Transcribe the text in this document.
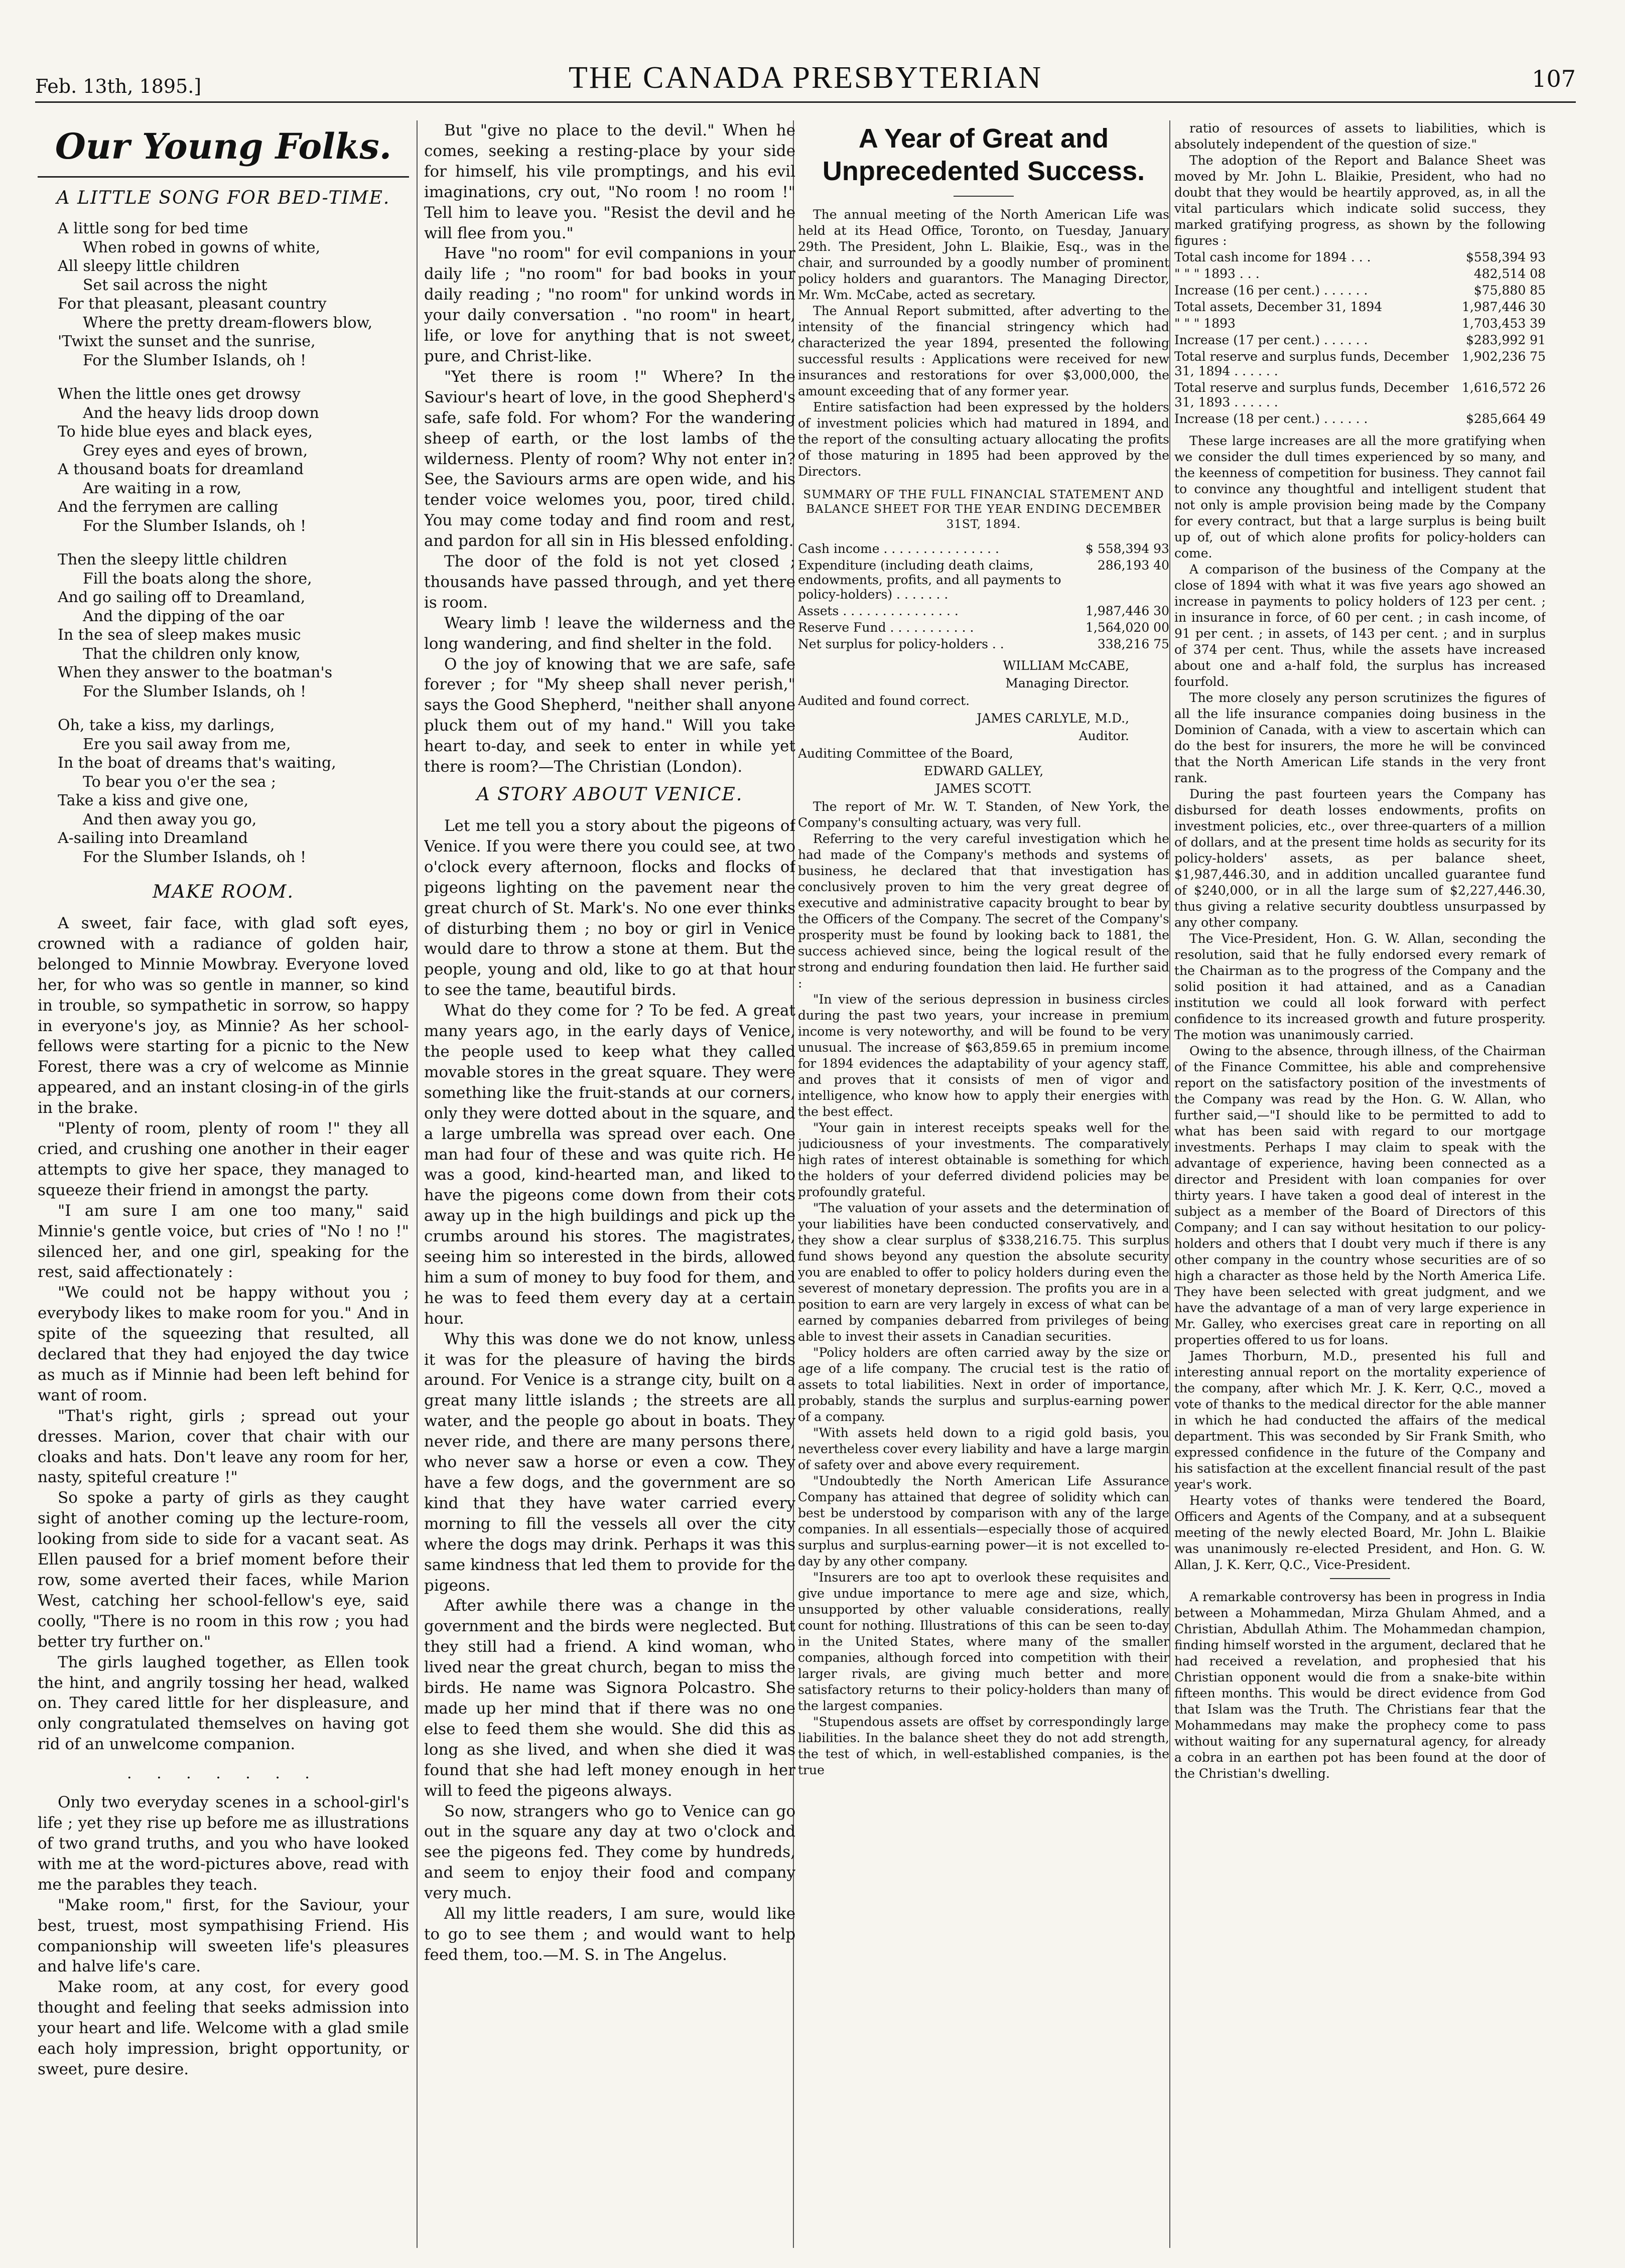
Feb. 13th, 1895.]	THE CANADA PRESBYTERIAN	107
Our Young Folks.
A LITTLE SONG FOR BED-TIME.

A little song for bed time

When robed in gowns of white,

All sleepy little children

Set sail across the night

For that pleasant, pleasant country

Where the pretty dream-flowers blow,

'Twixt the sunset and the sunrise,

For the Slumber Islands, oh !

When the little ones get drowsy

And the heavy lids droop down

To hide blue eyes and black eyes,

Grey eyes and eyes of brown,

A thousand boats for dreamland

Are waiting in a row,

And the ferrymen are calling

For the Slumber Islands, oh !

Then the sleepy little children

Fill the boats along the shore,

And go sailing off to Dreamland,

And the dipping of the oar

In the sea of sleep makes music

That the children only know,

When they answer to the boatman's

For the Slumber Islands, oh !

Oh, take a kiss, my darlings,

Ere you sail away from me,

In the boat of dreams that's waiting,

To bear you o'er the sea ;

Take a kiss and give one,

And then away you go,

A-sailing into Dreamland

For the Slumber Islands, oh !

MAKE ROOM.

A sweet, fair face, with glad soft eyes, crowned with a radiance of golden hair, belonged to Minnie Mowbray. Everyone loved her, for who was so gentle in manner, so kind in trouble, so sympathetic in sorrow, so happy in everyone's joy, as Minnie? As her school-fellows were starting for a picnic to the New Forest, there was a cry of welcome as Minnie appeared, and an instant closing-in of the girls in the brake.

"Plenty of room, plenty of room !" they all cried, and crushing one another in their eager attempts to give her space, they managed to squeeze their friend in amongst the party.

"I am sure I am one too many," said Minnie's gentle voice, but cries of "No ! no !" silenced her, and one girl, speaking for the rest, said affectionately :

"We could not be happy without you ; everybody likes to make room for you." And in spite of the squeezing that resulted, all declared that they had enjoyed the day twice as much as if Minnie had been left behind for want of room.

"That's right, girls ; spread out your dresses. Marion, cover that chair with our cloaks and hats. Don't leave any room for her, nasty, spiteful creature !"

So spoke a party of girls as they caught sight of another coming up the lecture-room, looking from side to side for a vacant seat. As Ellen paused for a brief moment before their row, some averted their faces, while Marion West, catching her school-fellow's eye, said coolly, "There is no room in this row ; you had better try further on."

The girls laughed together, as Ellen took the hint, and angrily tossing her head, walked on. They cared little for her displeasure, and only congratulated themselves on having got rid of an unwelcome companion.

. . . . . . .

Only two everyday scenes in a school-girl's life ; yet they rise up before me as illustrations of two grand truths, and you who have looked with me at the word-pictures above, read with me the parables they teach.

"Make room," first, for the Saviour, your best, truest, most sympathising Friend. His companionship will sweeten life's pleasures and halve life's care.

Make room, at any cost, for every good thought and feeling that seeks admission into your heart and life. Welcome with a glad smile each holy impression, bright opportunity, or sweet, pure desire.

But "give no place to the devil." When he comes, seeking a resting-place by your side for himself, his vile promptings, and his evil imaginations, cry out, "No room ! no room !" Tell him to leave you. "Resist the devil and he will flee from you."

Have "no room" for evil companions in your daily life ; "no room" for bad books in your daily reading ; "no room" for unkind words in your daily conversation . "no room" in heart, life, or love for anything that is not sweet, pure, and Christ-like.

"Yet there is room !" Where? In the Saviour's heart of love, in the good Shepherd's safe, safe fold. For whom? For the wandering sheep of earth, or the lost lambs of the wilderness. Plenty of room? Why not enter in? See, the Saviours arms are open wide, and his tender voice welomes you, poor, tired child. You may come today and find room and rest, and pardon for all sin in His blessed enfolding.

The door of the fold is not yet closed ; thousands have passed through, and yet there is room.

Weary limb ! leave the wilderness and the long wandering, and find shelter in the fold.

O the joy of knowing that we are safe, safe forever ; for "My sheep shall never perish," says the Good Shepherd, "neither shall anyone pluck them out of my hand." Will you take heart to-day, and seek to enter in while yet there is room?—The Christian (London).

A STORY ABOUT VENICE.

Let me tell you a story about the pigeons of Venice. If you were there you could see, at two o'clock every afternoon, flocks and flocks of pigeons lighting on the pavement near the great church of St. Mark's. No one ever thinks of disturbing them ; no boy or girl in Venice would dare to throw a stone at them. But the people, young and old, like to go at that hour to see the tame, beautiful birds.

What do they come for ? To be fed. A great many years ago, in the early days of Venice, the people used to keep what they called movable stores in the great square. They were something like the fruit-stands at our corners, only they were dotted about in the square, and a large umbrella was spread over each. One man had four of these and was quite rich. He was a good, kind-hearted man, and liked to have the pigeons come down from their cots away up in the high buildings and pick up the crumbs around his stores. The magistrates, seeing him so interested in the birds, allowed him a sum of money to buy food for them, and he was to feed them every day at a certain hour.

Why this was done we do not know, unless it was for the pleasure of having the birds around. For Venice is a strange city, built on a great many little islands ; the streets are all water, and the people go about in boats. They never ride, and there are many persons there, who never saw a horse or even a cow. They have a few dogs, and the government are so kind that they have water carried every morning to fill the vessels all over the city where the dogs may drink. Perhaps it was this same kindness that led them to provide for the pigeons.

After awhile there was a change in the government and the birds were neglected. But they still had a friend. A kind woman, who lived near the great church, began to miss the birds. He name was Signora Polcastro. She made up her mind that if there was no one else to feed them she would. She did this as long as she lived, and when she died it was found that she had left money enough in her will to feed the pigeons always.

So now, strangers who go to Venice can go out in the square any day at two o'clock and see the pigeons fed. They come by hundreds, and seem to enjoy their food and company very much.

All my little readers, I am sure, would like to go to see them ; and would want to help feed them, too.—M. S. in The Angelus.

A Year of Great and Unprecedented Success.

The annual meeting of the North American Life was held at its Head Office, Toronto, on Tuesday, January 29th. The President, John L. Blaikie, Esq., was in the chair, and surrounded by a goodly number of prominent policy holders and guarantors. The Managing Director, Mr. Wm. McCabe, acted as secretary.

The Annual Report submitted, after adverting to the intensity of the financial stringency which had characterized the year 1894, presented the following successful results : Applications were received for new insurances and restorations for over $3,000,000, the amount exceeding that of any former year.

Entire satisfaction had been expressed by the holders of investment policies which had matured in 1894, and the report of the consulting actuary allocating the profits of those maturing in 1895 had been approved by the Directors.

SUMMARY OF THE FULL FINANCIAL STATEMENT AND BALANCE SHEET FOR THE YEAR ENDING DECEMBER 31ST, 1894.
Cash income . . . . . . . . . . . . . . .	$ 558,394 93
Expenditure (including death claims, endowments, profits, and all payments to policy-holders) . . . . . . .	286,193 40
Assets . . . . . . . . . . . . . . .	1,987,446 30
Reserve Fund . . . . . . . . . . .	1,564,020 00
Net surplus for policy-holders . .	338,216 75
WILLIAM McCABE,
Managing Director.
Audited and found correct.
JAMES CARLYLE, M.D.,
Auditor.
Auditing Committee of the Board,
EDWARD GALLEY,
JAMES SCOTT.

The report of Mr. W. T. Standen, of New York, the Company's consulting actuary, was very full.

Referring to the very careful investigation which he had made of the Company's methods and systems of business, he declared that that investigation has conclusively proven to him the very great degree of executive and administrative capacity brought to bear by the Officers of the Company. The secret of the Company's prosperity must be found by looking back to 1881, the success achieved since, being the logical result of the strong and enduring foundation then laid. He further said :

"In view of the serious depression in business circles during the past two years, your increase in premium income is very noteworthy, and will be found to be very unusual. The increase of $63,859.65 in premium income for 1894 evidences the adaptability of your agency staff, and proves that it consists of men of vigor and intelligence, who know how to apply their energies with the best effect.

"Your gain in interest receipts speaks well for the judiciousness of your investments. The comparatively high rates of interest obtainable is something for which the holders of your deferred dividend policies may be profoundly grateful.

"The valuation of your assets and the determination of your liabilities have been conducted conservatively, and they show a clear surplus of $338,216.75. This surplus fund shows beyond any question the absolute security you are enabled to offer to policy holders during even the severest of monetary depression. The profits you are in a position to earn are very largely in excess of what can be earned by companies debarred from privileges of being able to invest their assets in Canadian securities.

"Policy holders are often carried away by the size or age of a life company. The crucial test is the ratio of assets to total liabilities. Next in order of importance, probably, stands the surplus and surplus-earning power of a company.

"With assets held down to a rigid gold basis, you nevertheless cover every liability and have a large margin of safety over and above every requirement.

"Undoubtedly the North American Life Assurance Company has attained that degree of solidity which can best be understood by comparison with any of the large companies. In all essentials—especially those of acquired surplus and surplus-earning power—it is not excelled to-day by any other company.

"Insurers are too apt to overlook these requisites and give undue importance to mere age and size, which, unsupported by other valuable considerations, really count for nothing. Illustrations of this can be seen to-day in the United States, where many of the smaller companies, although forced into competition with their larger rivals, are giving much better and more satisfactory returns to their policy-holders than many of the largest companies.

"Stupendous assets are offset by correspondingly large liabilities. In the balance sheet they do not add strength, the test of which, in well-established companies, is the true

ratio of resources of assets to liabilities, which is absolutely independent of the question of size."

The adoption of the Report and Balance Sheet was moved by Mr. John L. Blaikie, President, who had no doubt that they would be heartily approved, as, in all the vital particulars which indicate solid success, they marked gratifying progress, as shown by the following figures :

Total cash income for 1894 . . .	$558,394 93
" " " 1893 . . .	482,514 08
Increase (16 per cent.) . . . . . .	$75,880 85
Total assets, December 31, 1894	1,987,446 30
" " " 1893	1,703,453 39
Increase (17 per cent.) . . . . . .	$283,992 91
Total reserve and surplus funds, December 31, 1894 . . . . . .	1,902,236 75
Total reserve and surplus funds, December 31, 1893 . . . . . .	1,616,572 26
Increase (18 per cent.) . . . . . .	$285,664 49

These large increases are all the more gratifying when we consider the dull times experienced by so many, and the keenness of competition for business. They cannot fail to convince any thoughtful and intelligent student that not only is ample provision being made by the Company for every contract, but that a large surplus is being built up of, out of which alone profits for policy-holders can come.

A comparison of the business of the Company at the close of 1894 with what it was five years ago showed an increase in payments to policy holders of 123 per cent. ; in insurance in force, of 60 per cent. ; in cash income, of 91 per cent. ; in assets, of 143 per cent. ; and in surplus of 374 per cent. Thus, while the assets have increased about one and a-half fold, the surplus has increased fourfold.

The more closely any person scrutinizes the figures of all the life insurance companies doing business in the Dominion of Canada, with a view to ascertain which can do the best for insurers, the more he will be convinced that the North American Life stands in the very front rank.

During the past fourteen years the Company has disbursed for death losses endowments, profits on investment policies, etc., over three-quarters of a million of dollars, and at the present time holds as security for its policy-holders' assets, as per balance sheet, $1,987,446.30, and in addition uncalled guarantee fund of $240,000, or in all the large sum of $2,227,446.30, thus giving a relative security doubtless unsurpassed by any other company.

The Vice-President, Hon. G. W. Allan, seconding the resolution, said that he fully endorsed every remark of the Chairman as to the progress of the Company and the solid position it had attained, and as a Canadian institution we could all look forward with perfect confidence to its increased growth and future prosperity. The motion was unanimously carried.

Owing to the absence, through illness, of the Chairman of the Finance Committee, his able and comprehensive report on the satisfactory position of the investments of the Company was read by the Hon. G. W. Allan, who further said,—"I should like to be permitted to add to what has been said with regard to our mortgage investments. Perhaps I may claim to speak with the advantage of experience, having been connected as a director and President with loan companies for over thirty years. I have taken a good deal of interest in the subject as a member of the Board of Directors of this Company; and I can say without hesitation to our policy-holders and others that I doubt very much if there is any other company in the country whose securities are of so high a character as those held by the North America Life. They have been selected with great judgment, and we have the advantage of a man of very large experience in Mr. Galley, who exercises great care in reporting on all properties offered to us for loans.

James Thorburn, M.D., presented his full and interesting annual report on the mortality experience of the company, after which Mr. J. K. Kerr, Q.C., moved a vote of thanks to the medical director for the able manner in which he had conducted the affairs of the medical department. This was seconded by Sir Frank Smith, who expressed confidence in the future of the Company and his satisfaction at the excellent financial result of the past year's work.

Hearty votes of thanks were tendered the Board, Officers and Agents of the Company, and at a subsequent meeting of the newly elected Board, Mr. John L. Blaikie was unanimously re-elected President, and Hon. G. W. Allan, J. K. Kerr, Q.C., Vice-President.

A remarkable controversy has been in progress in India between a Mohammedan, Mirza Ghulam Ahmed, and a Christian, Abdullah Athim. The Mohammedan champion, finding himself worsted in the argument, declared that he had received a revelation, and prophesied that his Christian opponent would die from a snake-bite within fifteen months. This would be direct evidence from God that Islam was the Truth. The Christians fear that the Mohammedans may make the prophecy come to pass without waiting for any supernatural agency, for already a cobra in an earthen pot has been found at the door of the Christian's dwelling.
